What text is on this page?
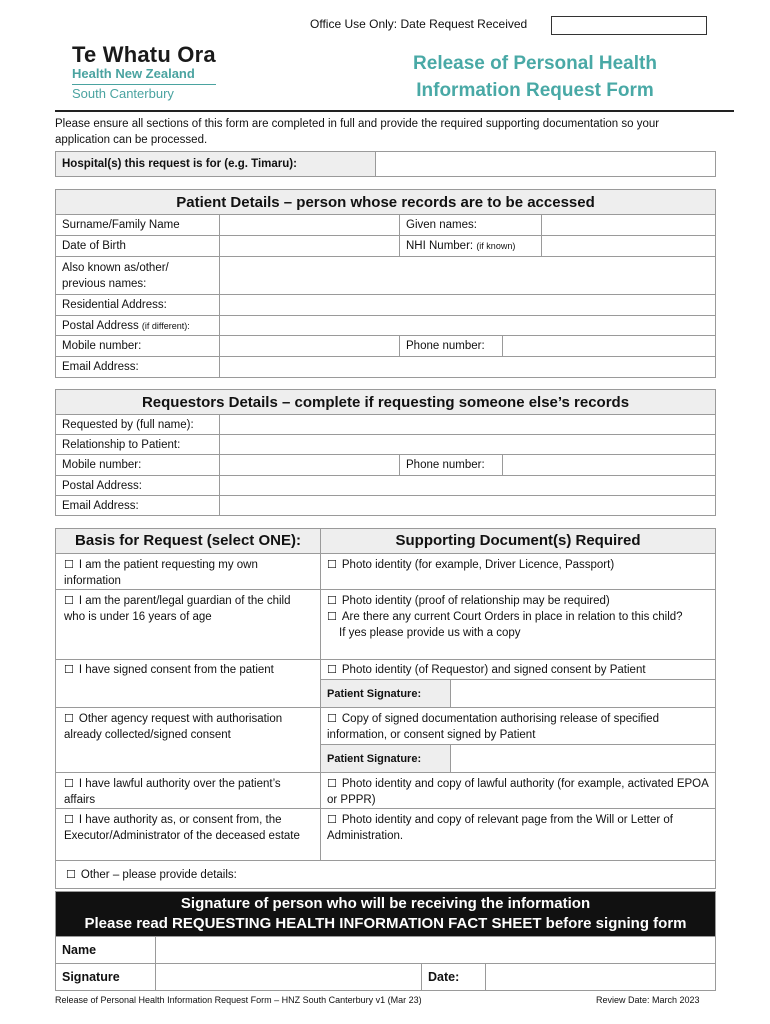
Office Use Only: Date Request Received
Te Whatu Ora
Health New Zealand
South Canterbury
Release of Personal Health
Information Request Form
Please ensure all sections of this form are completed in full and provide the required supporting documentation so your application can be processed.
Hospital(s) this request is for (e.g. Timaru):	
Patient Details – person whose records are to be accessed			
Surname/Family Name		Given names:	
Date of Birth		NHI Number: (if known)	
Also known as/other/ previous names:			
Residential Address:			
Postal Address (if different):			
Mobile number:		Phone number:	

Email Address:			
Requestors Details – complete if requesting someone else’s records		
Requested by (full name):		
Relationship to Patient:		
Mobile number:		Phone number:

Postal Address:		
Email Address:		
Basis for Request (select ONE):	Supporting Document(s) Required	
☐ I am the patient requesting my own information	☐ Photo identity (for example, Driver Licence, Passport)	
☐ I am the parent/legal guardian of the child who is under 16 years of age	☐ Photo identity (proof of relationship may be required)
☐ Are there any current Court Orders in place in relation to this child?
If yes please provide us with a copy	

☐ I have signed consent from the patient	☐ Photo identity (of Requestor) and signed consent by Patient	
	Patient Signature:	
☐ Other agency request with authorisation already collected/signed consent	☐ Copy of signed documentation authorising release of specified information, or consent signed by Patient	
	Patient Signature:	
☐ I have lawful authority over the patient’s affairs	☐ Photo identity and copy of lawful authority (for example, activated EPOA or PPPR)	
☐ I have authority as, or consent from, the Executor/Administrator of the deceased estate	☐ Photo identity and copy of relevant page from the Will or Letter of Administration.	
☐ Other – please provide details:		
Signature of person who will be receiving the information
Please read REQUESTING HEALTH INFORMATION FACT SHEET before signing form			

Name			
Signature		Date:	
Release of Personal Health Information Request Form – HNZ South Canterbury v1 (Mar 23)	Review Date: March 2023
